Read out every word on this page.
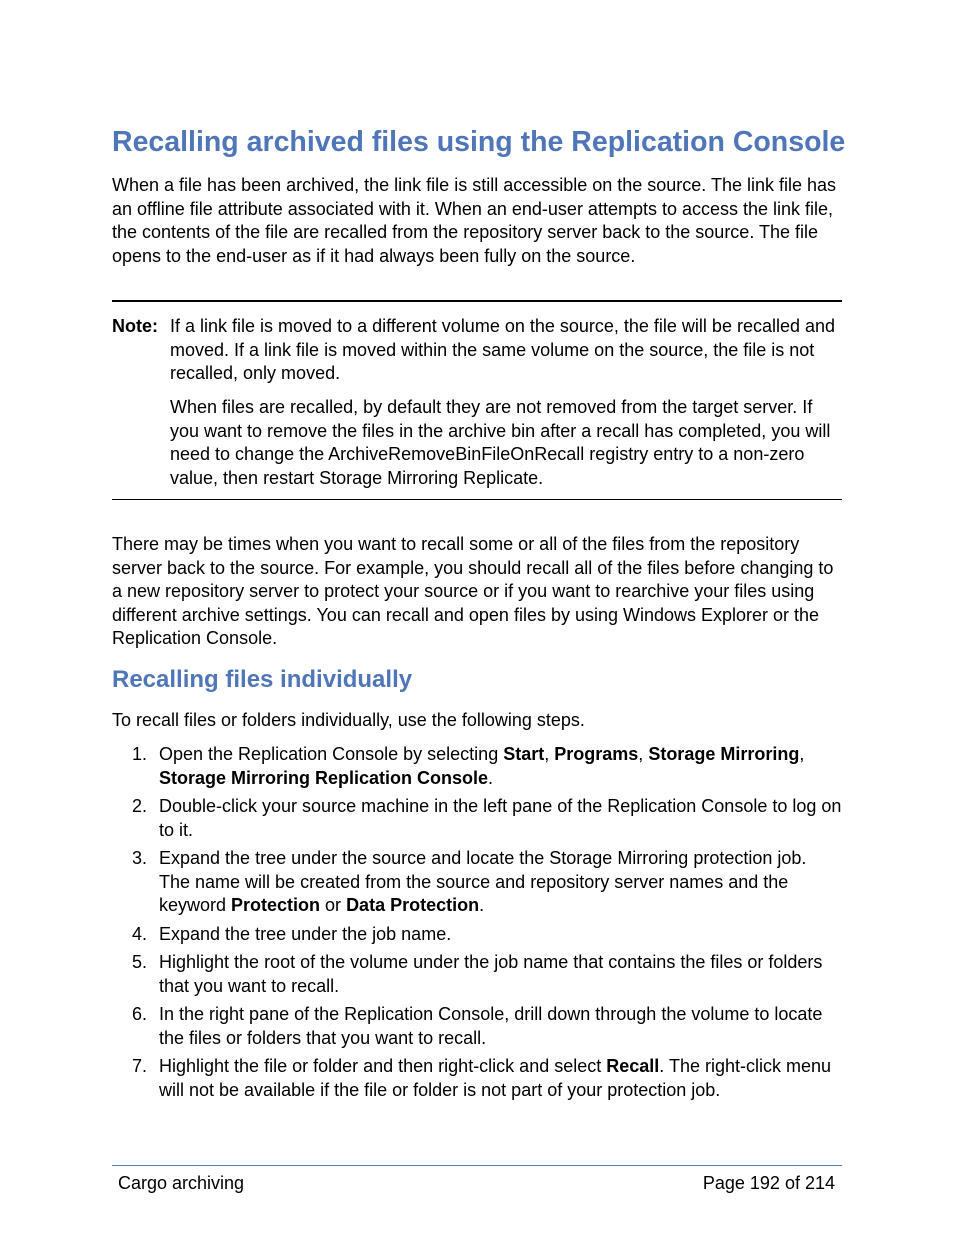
Recalling archived files using the Replication Console

When a file has been archived, the link file is still accessible on the source. The link file has an offline file attribute associated with it. When an end-user attempts to access the link file, the contents of the file are recalled from the repository server back to the source. The file opens to the end-user as if it had always been fully on the source.

Note: If a link file is moved to a different volume on the source, the file will be recalled and moved. If a link file is moved within the same volume on the source, the file is not recalled, only moved.

When files are recalled, by default they are not removed from the target server. If you want to remove the files in the archive bin after a recall has completed, you will need to change the ArchiveRemoveBinFileOnRecall registry entry to a non-zero value, then restart Storage Mirroring Replicate.

There may be times when you want to recall some or all of the files from the repository server back to the source. For example, you should recall all of the files before changing to a new repository server to protect your source or if you want to rearchive your files using different archive settings. You can recall and open files by using Windows Explorer or the Replication Console.

Recalling files individually

To recall files or folders individually, use the following steps.

1. Open the Replication Console by selecting Start, Programs, Storage Mirroring, Storage Mirroring Replication Console.
2. Double-click your source machine in the left pane of the Replication Console to log on to it.
3. Expand the tree under the source and locate the Storage Mirroring protection job. The name will be created from the source and repository server names and the keyword Protection or Data Protection.
4. Expand the tree under the job name.
5. Highlight the root of the volume under the job name that contains the files or folders  that you want to recall.
6. In the right pane of the Replication Console, drill down through the volume to locate the files or folders that you want to recall.
7. Highlight the file or folder and then right-click and select Recall. The right-click menu will not be available if the file or folder is not part of your protection job.
Cargo archiving	Page 192 of 214
